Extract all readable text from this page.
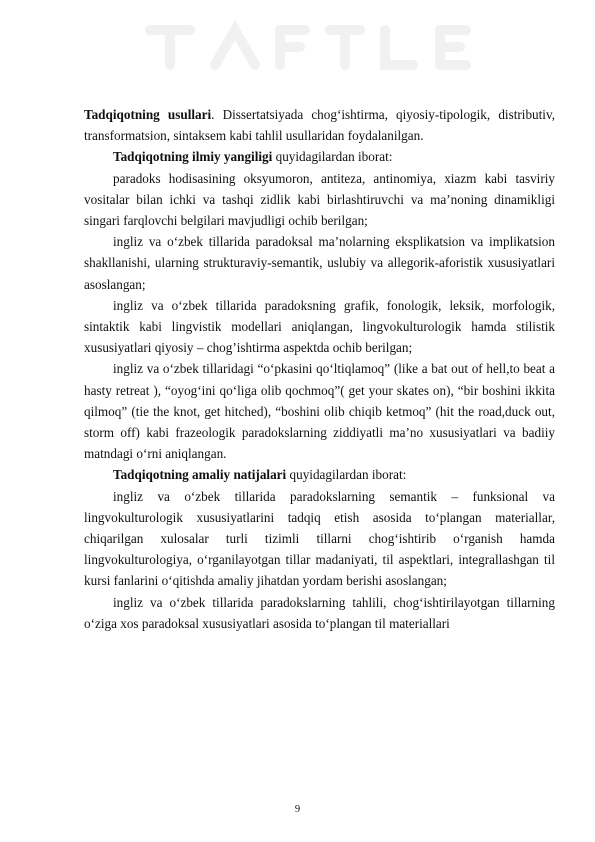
Tadqiqotning usullari. Dissertatsiyada chog‘ishtirma, qiyosiy-tipologik, distributiv, transformatsion, sintaksem kabi tahlil usullaridan foydalanilgan.

Tadqiqotning ilmiy yangiligi quyidagilardan iborat:

paradoks hodisasining oksyumoron, antiteza, antinomiya, xiazm kabi tasviriy vositalar bilan ichki va tashqi zidlik kabi birlashtiruvchi va ma’noning dinamikligi singari farqlovchi belgilari mavjudligi ochib berilgan;

ingliz va o‘zbek tillarida paradoksal ma’nolarning eksplikatsion va implikatsion shakllanishi, ularning strukturaviy-semantik, uslubiy va allegorik-aforistik xususiyatlari asoslangan;

ingliz va o‘zbek tillarida paradoksning grafik, fonologik, leksik, morfologik, sintaktik kabi lingvistik modellari aniqlangan, lingvokulturologik hamda stilistik xususiyatlari qiyosiy – chog’ishtirma aspektda ochib berilgan;

ingliz va o‘zbek tillaridagi “o‘pkasini qo‘ltiqlamoq” (like a bat out of hell,to beat a hasty retreat ), “oyog‘ini qo‘liga olib qochmoq”( get your skates on), “bir boshini ikkita qilmoq” (tie the knot, get hitched), “boshini olib chiqib ketmoq” (hit the road,duck out, storm off) kabi frazeologik paradokslarning ziddiyatli ma’no xususiyatlari va badiiy matndagi o‘rni aniqlangan.

Tadqiqotning amaliy natijalari quyidagilardan iborat:

ingliz va o‘zbek tillarida paradokslarning semantik – funksional va lingvokulturologik xususiyatlarini tadqiq etish asosida to‘plangan materiallar, chiqarilgan xulosalar turli tizimli tillarni chog‘ishtirib o‘rganish hamda lingvokulturologiya, o‘rganilayotgan tillar madaniyati, til aspektlari, integrallashgan til kursi fanlarini o‘qitishda amaliy jihatdan yordam berishi asoslangan;

ingliz va o‘zbek tillarida paradokslarning tahlili, chog‘ishtirilayotgan tillarning o‘ziga xos paradoksal xususiyatlari asosida to‘plangan til materiallari

9
